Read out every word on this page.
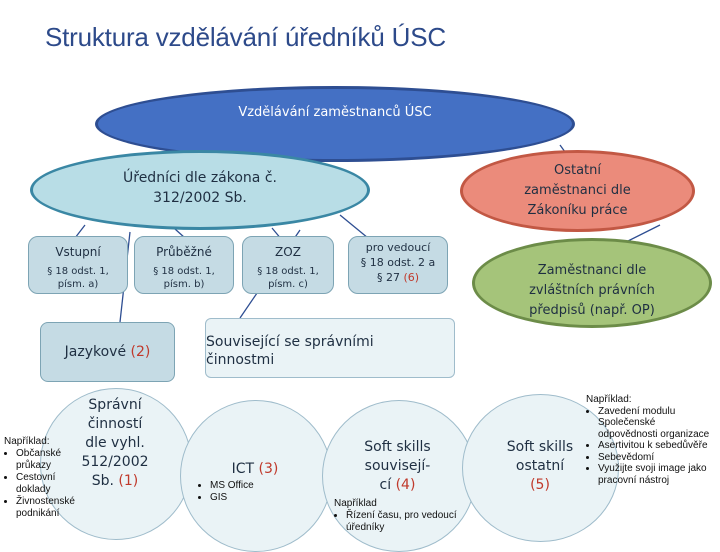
Struktura vzdělávání úředníků ÚSC
Vzdělávání zaměstnanců ÚSC
Úředníci dle zákona č.
312/2002 Sb.
Ostatní
zaměstnanci dle
Zákoníku práce
Zaměstnanci dle
zvláštních právních
předpisů (např. OP)
Vstupní
§ 18 odst. 1,
písm. a)
Průběžné
§ 18 odst. 1,
písm. b)
ZOZ
§ 18 odst. 1,
písm. c)
pro vedoucí
§ 18 odst. 2 a
§ 27 (6)
Jazykové (2)
Související se správními
činnostmi
Správní
činností
dle vyhl.
512/2002
Sb. (1)
Například:
• Občanské průkazy
• Cestovní doklady
• Živnostenské podnikání
ICT (3)
• MS Office
• GIS
Soft skills
souvisejí-
cí (4)
Například
• Řízení času, pro vedoucí úředníky
Soft skills
ostatní
(5)
Například:
• Zavedení modulu Společenské odpovědnosti organizace
• Asertivitou k sebedůvěře
• Sebevědomí
• Využijte svoji image jako pracovní nástroj
